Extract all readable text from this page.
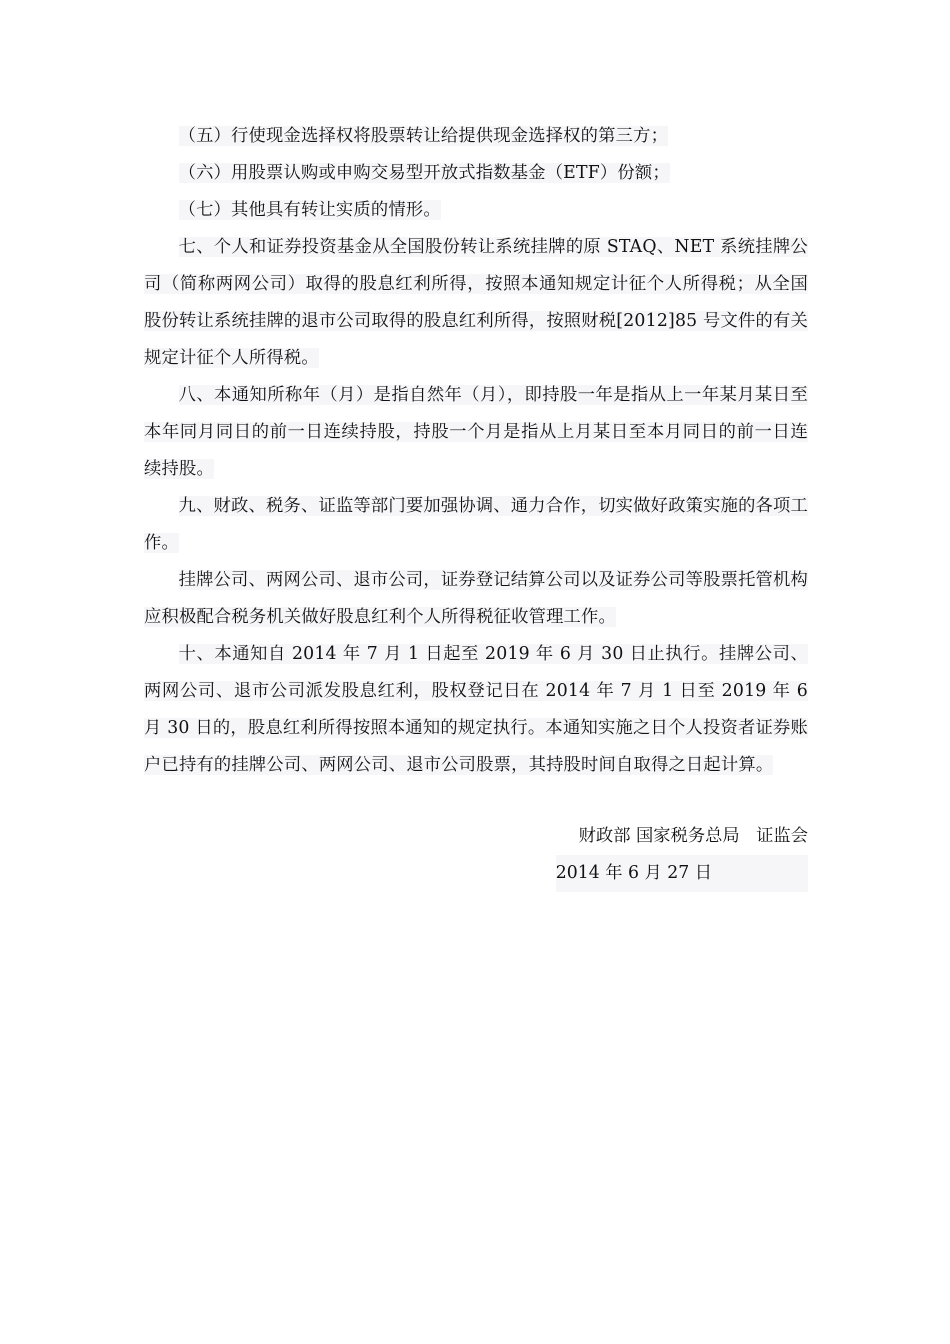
（五）行使现金选择权将股票转让给提供现金选择权的第三方；

（六）用股票认购或申购交易型开放式指数基金（ETF）份额；

（七）其他具有转让实质的情形。

七、个人和证券投资基金从全国股份转让系统挂牌的原 STAQ、NET 系统挂牌公司（简称两网公司）取得的股息红利所得，按照本通知规定计征个人所得税；从全国股份转让系统挂牌的退市公司取得的股息红利所得，按照财税[2012]85 号文件的有关规定计征个人所得税。

八、本通知所称年（月）是指自然年（月），即持股一年是指从上一年某月某日至本年同月同日的前一日连续持股，持股一个月是指从上月某日至本月同日的前一日连续持股。

九、财政、税务、证监等部门要加强协调、通力合作，切实做好政策实施的各项工作。

挂牌公司、两网公司、退市公司，证券登记结算公司以及证券公司等股票托管机构应积极配合税务机关做好股息红利个人所得税征收管理工作。

十、本通知自 2014 年 7 月 1 日起至 2019 年 6 月 30 日止执行。挂牌公司、两网公司、退市公司派发股息红利，股权登记日在 2014 年 7 月 1 日至 2019 年 6 月 30 日的，股息红利所得按照本通知的规定执行。本通知实施之日个人投资者证券账户已持有的挂牌公司、两网公司、退市公司股票，其持股时间自取得之日起计算。

财政部 国家税务总局   证监会
2014 年 6 月 27 日
